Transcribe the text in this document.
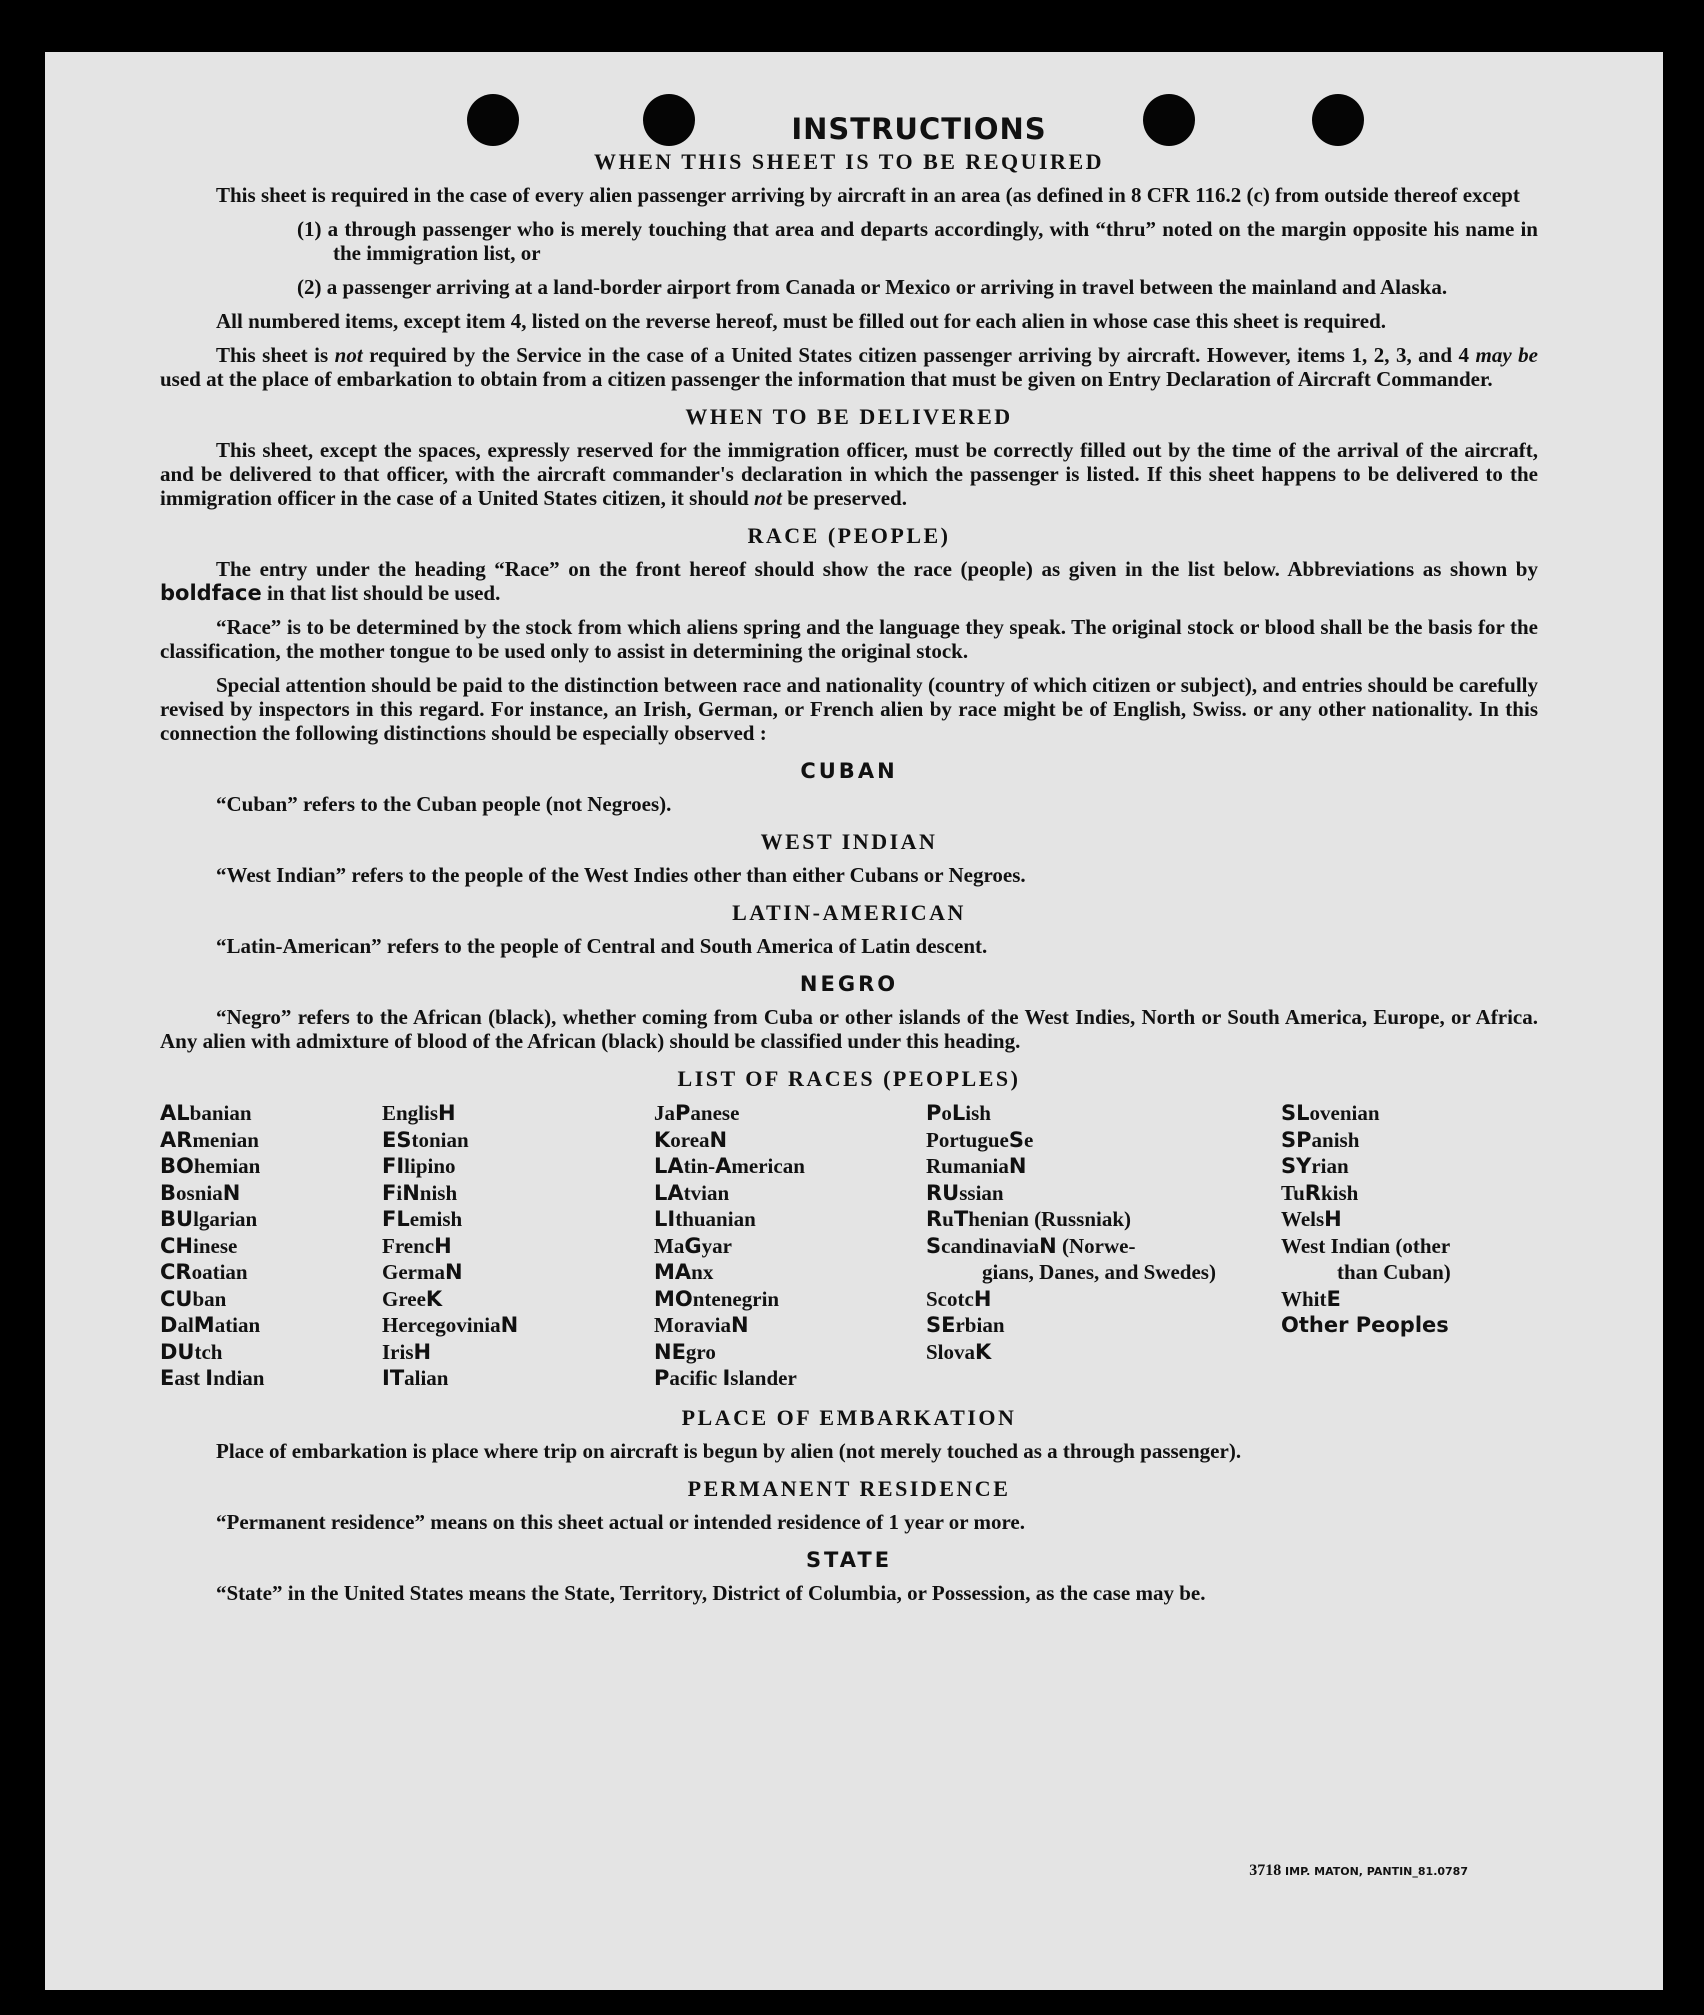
INSTRUCTIONS
WHEN THIS SHEET IS TO BE REQUIRED

This sheet is required in the case of every alien passenger arriving by aircraft in an area (as defined in 8 CFR 116.2 (c) from outside thereof except

(1) a through passenger who is merely touching that area and departs accordingly, with “thru” noted on the margin opposite his name in the immigration list, or

(2) a passenger arriving at a land-border airport from Canada or Mexico or arriving in travel between the mainland and Alaska.

All numbered items, except item 4, listed on the reverse hereof, must be filled out for each alien in whose case this sheet is required.

This sheet is not required by the Service in the case of a United States citizen passenger arriving by aircraft. However, items 1, 2, 3, and 4 may be used at the place of embarkation to obtain from a citizen passenger the information that must be given on Entry Declaration of Aircraft Commander.

WHEN TO BE DELIVERED

This sheet, except the spaces, expressly reserved for the immigration officer, must be correctly filled out by the time of the arrival of the aircraft, and be delivered to that officer, with the aircraft commander's declaration in which the passenger is listed. If this sheet happens to be delivered to the immigration officer in the case of a United States citizen, it should not be preserved.

RACE (PEOPLE)

The entry under the heading “Race” on the front hereof should show the race (people) as given in the list below. Abbreviations as shown by boldface in that list should be used.

“Race” is to be determined by the stock from which aliens spring and the language they speak. The original stock or blood shall be the basis for the classification, the mother tongue to be used only to assist in determining the original stock.

Special attention should be paid to the distinction between race and nationality (country of which citizen or subject), and entries should be carefully revised by inspectors in this regard. For instance, an Irish, German, or French alien by race might be of English, Swiss. or any other nationality. In this connection the following distinctions should be especially observed :

CUBAN

“Cuban” refers to the Cuban people (not Negroes).

WEST INDIAN

“West Indian” refers to the people of the West Indies other than either Cubans or Negroes.

LATIN-AMERICAN

“Latin-American” refers to the people of Central and South America of Latin descent.

NEGRO

“Negro” refers to the African (black), whether coming from Cuba or other islands of the West Indies, North or South America, Europe, or Africa. Any alien with admixture of blood of the African (black) should be classified under this heading.

LIST OF RACES (PEOPLES)
ALbanian
ARmenian
BOhemian
BosniaN
BUlgarian
CHinese
CRoatian
CUban
DalMatian
DUtch
East Indian
EnglisH
EStonian
FIlipino
FiNnish
FLemish
FrencH
GermaN
GreeK
HercegoviniaN
IrisH
ITalian
JaPanese
KoreaN
LAtin-American
LAtvian
LIthuanian
MaGyar
MAnx
MOntenegrin
MoraviaN
NEgro
Pacific Islander
PoLish
PortugueSe
RumaniaN
RUssian
RuThenian (Russniak)
ScandinaviaN (Norwe-
gians, Danes, and Swedes)
ScotcH
SErbian
SlovaK
SLovenian
SPanish
SYrian
TuRkish
WelsH
West Indian (other
than Cuban)
WhitE
Other Peoples
PLACE OF EMBARKATION

Place of embarkation is place where trip on aircraft is begun by alien (not merely touched as a through passenger).

PERMANENT RESIDENCE

“Permanent residence” means on this sheet actual or intended residence of 1 year or more.

STATE

“State” in the United States means the State, Territory, District of Columbia, or Possession, as the case may be.

3718 IMP. MATON, PANTIN_81.0787
